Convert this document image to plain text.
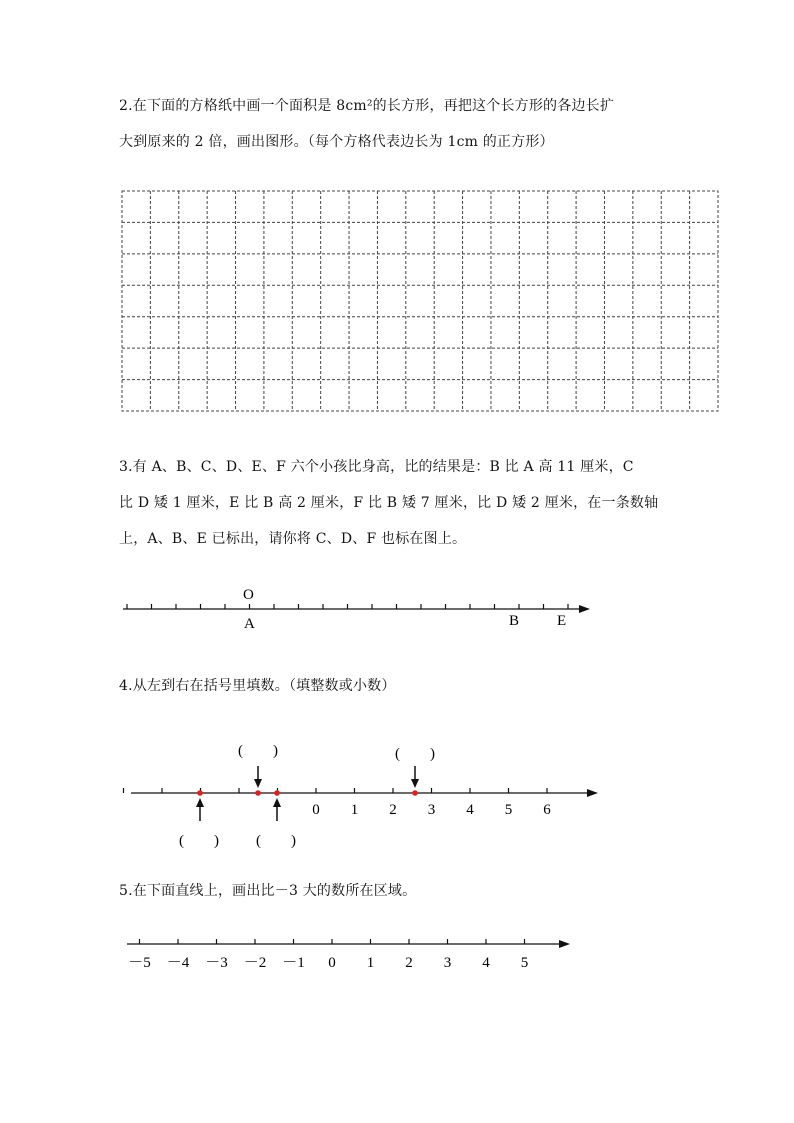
2.在下面的方格纸中画一个面积是 8cm²的长方形，再把这个长方形的各边长扩
大到原来的 2 倍，画出图形。（每个方格代表边长为 1cm 的正方形）
3.有 A、B、C、D、E、F 六个小孩比身高，比的结果是：B 比 A 高 11 厘米，C
比 D 矮 1 厘米，E 比 B 高 2 厘米，F 比 B 矮 7 厘米，比 D 矮 2 厘米，在一条数轴
上，A、B、E 已标出，请你将 C、D、F 也标在图上。
O
A	B	E
4.从左到右在括号里填数。（填整数或小数）
0 1 2 3 4 5 6
(        )	(        )
(        ) (        )
5.在下面直线上，画出比－3 大的数所在区域。
－5 －4 －3 －2 －1 0 1 2 3 4 5
